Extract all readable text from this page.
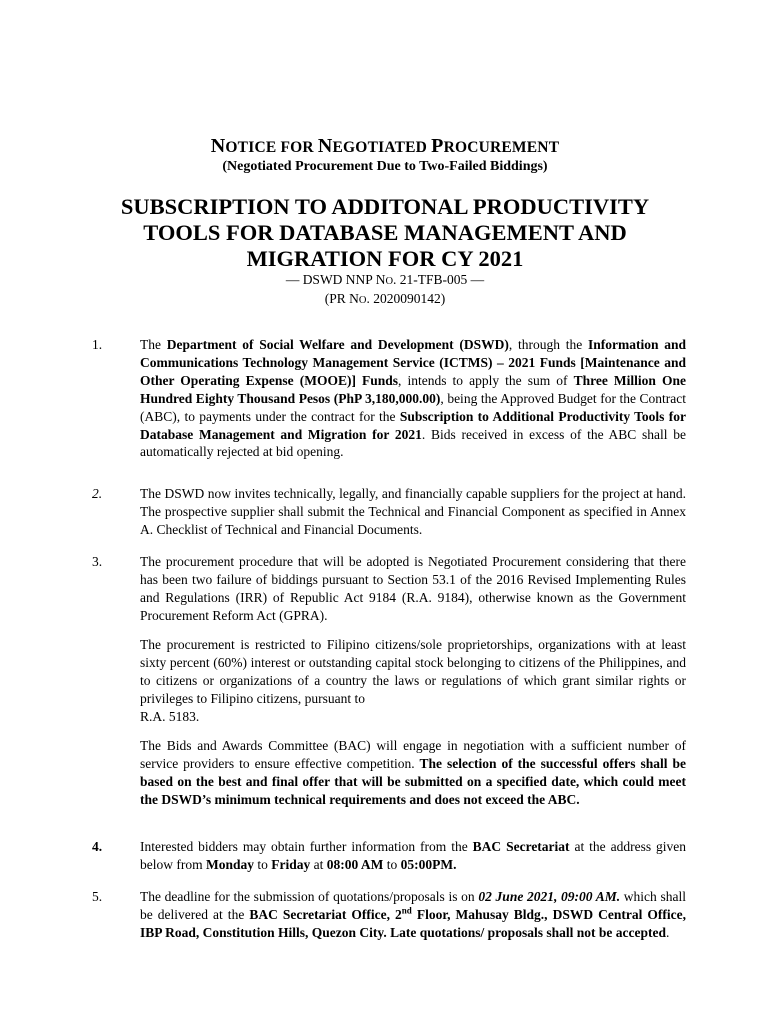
NOTICE FOR NEGOTIATED PROCUREMENT
(Negotiated Procurement Due to Two-Failed Biddings)
SUBSCRIPTION TO ADDITONAL PRODUCTIVITY
TOOLS FOR DATABASE MANAGEMENT AND
MIGRATION FOR CY 2021
— DSWD NNP NO. 21-TFB-005 —
(PR NO. 2020090142)
1.	The Department of Social Welfare and Development (DSWD), through the Information and Communications Technology Management Service (ICTMS) – 2021 Funds [Maintenance and Other Operating Expense (MOOE)] Funds, intends to apply the sum of Three Million One Hundred Eighty Thousand Pesos (PhP 3,180,000.00), being the Approved Budget for the Contract (ABC), to payments under the contract for the Subscription to Additional Productivity Tools for Database Management and Migration for 2021. Bids received in excess of the ABC shall be automatically rejected at bid opening.
2.	The DSWD now invites technically, legally, and financially capable suppliers for the project at hand. The prospective supplier shall submit the Technical and Financial Component as specified in Annex A. Checklist of Technical and Financial Documents.
3.	The procurement procedure that will be adopted is Negotiated Procurement considering that there has been two failure of biddings pursuant to Section 53.1 of the 2016 Revised Implementing Rules and Regulations (IRR) of Republic Act 9184 (R.A. 9184), otherwise known as the Government Procurement Reform Act (GPRA).
The procurement is restricted to Filipino citizens/sole proprietorships, organizations with at least sixty percent (60%) interest or outstanding capital stock belonging to citizens of the Philippines, and to citizens or organizations of a country the laws or regulations of which grant similar rights or privileges to Filipino citizens, pursuant to
R.A. 5183.
The Bids and Awards Committee (BAC) will engage in negotiation with a sufficient number of service providers to ensure effective competition. The selection of the successful offers shall be based on the best and final offer that will be submitted on a specified date, which could meet the DSWD’s minimum technical requirements and does not exceed the ABC.
4.	Interested bidders may obtain further information from the BAC Secretariat at the address given below from Monday to Friday at 08:00 AM to 05:00PM.
5.	The deadline for the submission of quotations/proposals is on 02 June 2021, 09:00 AM. which shall be delivered at the BAC Secretariat Office, 2nd Floor, Mahusay Bldg., DSWD Central Office, IBP Road, Constitution Hills, Quezon City. Late quotations/ proposals shall not be accepted.
